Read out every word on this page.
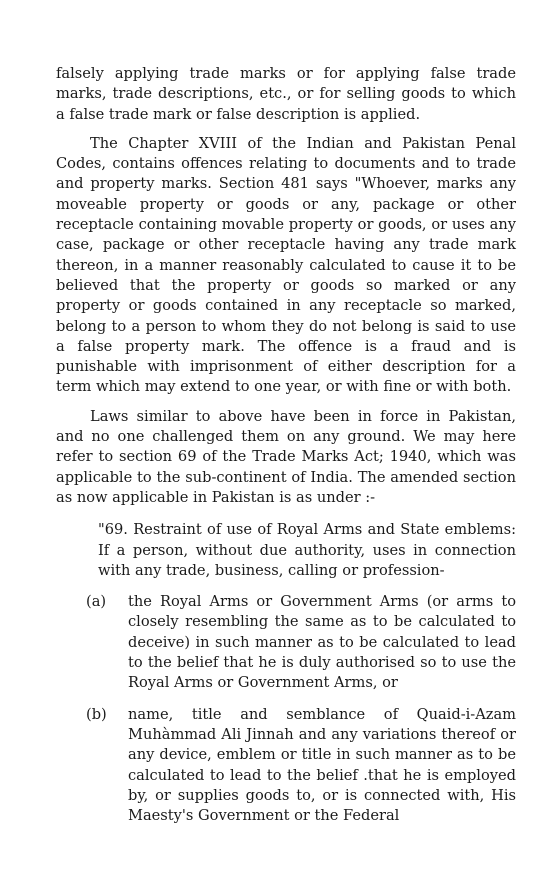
falsely applying trade marks or for applying false trade marks, trade descriptions, etc., or for selling goods to which a false trade mark or false description is applied.

The Chapter XVIII of the Indian and Pakistan Penal Codes, contains offences relating to documents and to trade and property marks. Section 481 says "Whoever, marks any moveable property or goods or any, package or other receptacle containing movable property or goods, or uses any case, package or other receptacle having any trade mark thereon, in a manner reasonably calculated to cause it to be believed that the property or goods so marked or any property or goods contained in any receptacle so marked, belong to a person to whom they do not belong is said to use a false property mark. The offence is a fraud and is punishable with imprisonment of either description for a term which may extend to one year, or with fine or with both.

Laws similar to above have been in force in Pakistan, and no one challenged them on any ground. We may here refer to section 69 of the Trade Marks Act; 1940, which was applicable to the sub-continent of India. The amended section as now applicable in Pakistan is as under :-

"69. Restraint of use of Royal Arms and State emblems: If a person, without due authority, uses in connection with any trade, business, calling or profession-

(a) the Royal Arms or Government Arms (or arms to closely resembling the same as to be calculated to deceive) in such manner as to be calculated to lead to the belief that he is duly authorised so to use the Royal Arms or Government Arms, or
(b) name, title and semblance of Quaid-i-Azam Muhàmmad Ali Jinnah and any variations thereof or any device, emblem or title in such manner as to be calculated to lead to the belief .that he is employed by, or supplies goods to, or is connected with, His Maesty's Government or the Federal
